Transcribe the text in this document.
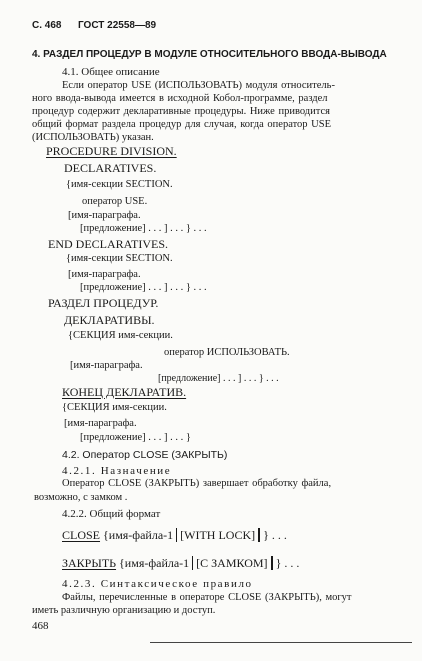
С. 468 ГОСТ 22558—89
4. РАЗДЕЛ ПРОЦЕДУР В МОДУЛЕ ОТНОСИТЕЛЬНОГО ВВОДА-ВЫВОДА
4.1. Общее описание
Если оператор USE (ИСПОЛЬЗОВАТЬ) модуля относитель-
ного ввода-вывода имеется в исходной Кобол-программе, раздел
процедур содержит декларативные процедуры. Ниже приводится
общий формат раздела процедур для случая, когда оператор USE
(ИСПОЛЬЗОВАТЬ) указан.
PROCEDURE DIVISION.
DECLARATIVES.
{имя-секции SECTION.
оператор USE.
[имя-параграфа.
[предложение] . . . ] . . . } . . .
END DECLARATIVES.
{имя-секции SECTION.
[имя-параграфа.
[предложение] . . . ] . . . } . . .
РАЗДЕЛ ПРОЦЕДУР.
ДЕКЛАРАТИВЫ.
{СЕКЦИЯ имя-секции.
оператор ИСПОЛЬЗОВАТЬ.
[имя-параграфа.
[предложение] . . . ] . . . } . . .
КОНЕЦ ДЕКЛАРАТИВ.
{СЕКЦИЯ имя-секции.
[имя-параграфа.
[предложение] . . . ] . . . }
4.2. Оператор CLOSE (ЗАКРЫТЬ)
4.2.1. Назначение
Оператор CLOSE (ЗАКРЫТЬ) завершает обработку файла,
возможно, с замком .
4.2.2. Общий формат
CLOSE {имя-файла-1 [WITH LOCK] } . . .
ЗАКРЫТЬ {имя-файла-1 [С ЗАМКОМ] } . . .
4.2.3. Синтаксическое правило
Файлы, перечисленные в операторе CLOSE (ЗАКРЫТЬ), могут
иметь различную организацию и доступ.
468
